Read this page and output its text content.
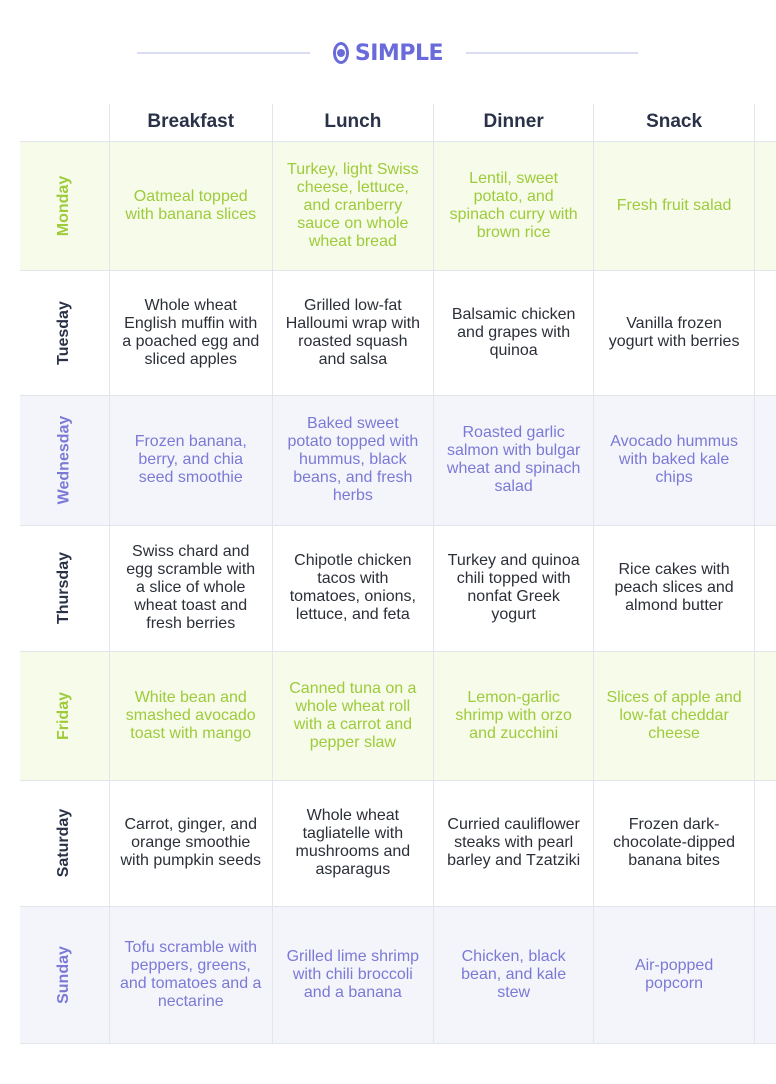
SIMPLE
	Breakfast	Lunch	Dinner	Snack	
Monday	Oatmeal topped with banana slices	Turkey, light Swiss cheese, lettuce, and cranberry sauce on whole wheat bread	Lentil, sweet potato, and spinach curry with brown rice	Fresh fruit salad	

Tuesday	Whole wheat English muffin with a poached egg and sliced apples	Grilled low-fat Halloumi wrap with roasted squash and salsa	Balsamic chicken and grapes with quinoa	Vanilla frozen yogurt with berries	

Wednesday	Frozen banana, berry, and chia seed smoothie	Baked sweet potato topped with hummus, black beans, and fresh herbs	Roasted garlic salmon with bulgar wheat and spinach salad	Avocado hummus with baked kale chips	

Thursday	Swiss chard and egg scramble with a slice of whole wheat toast and fresh berries	Chipotle chicken tacos with tomatoes, onions, lettuce, and feta	Turkey and quinoa chili topped with nonfat Greek yogurt	Rice cakes with peach slices and almond butter	

Friday	White bean and smashed avocado toast with mango	Canned tuna on a whole wheat roll with a carrot and pepper slaw	Lemon-garlic shrimp with orzo and zucchini	Slices of apple and low-fat cheddar cheese	

Saturday	Carrot, ginger, and orange smoothie with pumpkin seeds	Whole wheat tagliatelle with mushrooms and asparagus	Curried cauliflower steaks with pearl barley and Tzatziki	Frozen dark-chocolate-dipped banana bites	

Sunday	Tofu scramble with peppers, greens, and tomatoes and a nectarine	Grilled lime shrimp with chili broccoli and a banana	Chicken, black bean, and kale stew	Air-popped popcorn	
